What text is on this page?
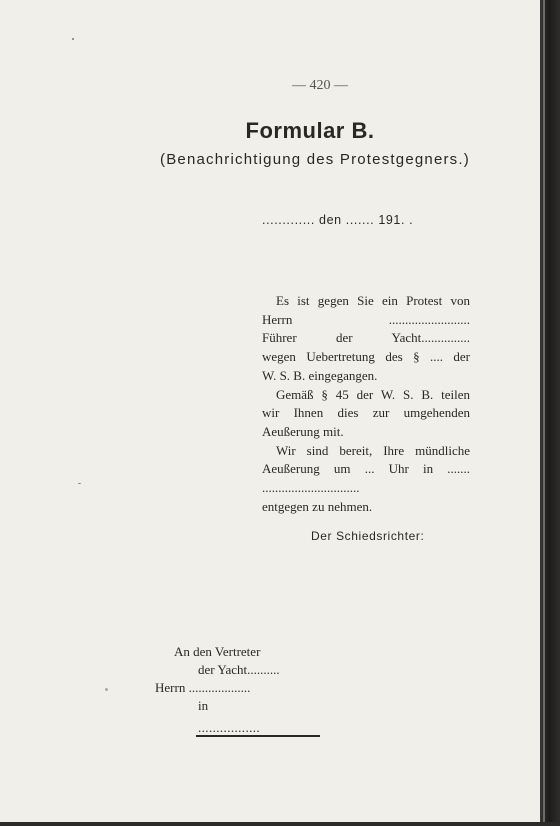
— 420 —
Formular B.
(Benachrichtigung des Protestgegners.)
............. den ....... 191. .
Es ist gegen Sie ein Protest von
Herrn .........................
Führer der Yacht...............
wegen Uebertretung des § .... der
W. S. B. eingegangen.
Gemäß § 45 der W. S. B. teilen
wir Ihnen dies zur umgehenden
Aeußerung mit.
Wir sind bereit, Ihre mündliche
Aeußerung um ... Uhr in .......
..............................
entgegen zu nehmen.
Der Schiedsrichter:
An den Vertreter
der Yacht..........
Herrn ...................
in
.................
